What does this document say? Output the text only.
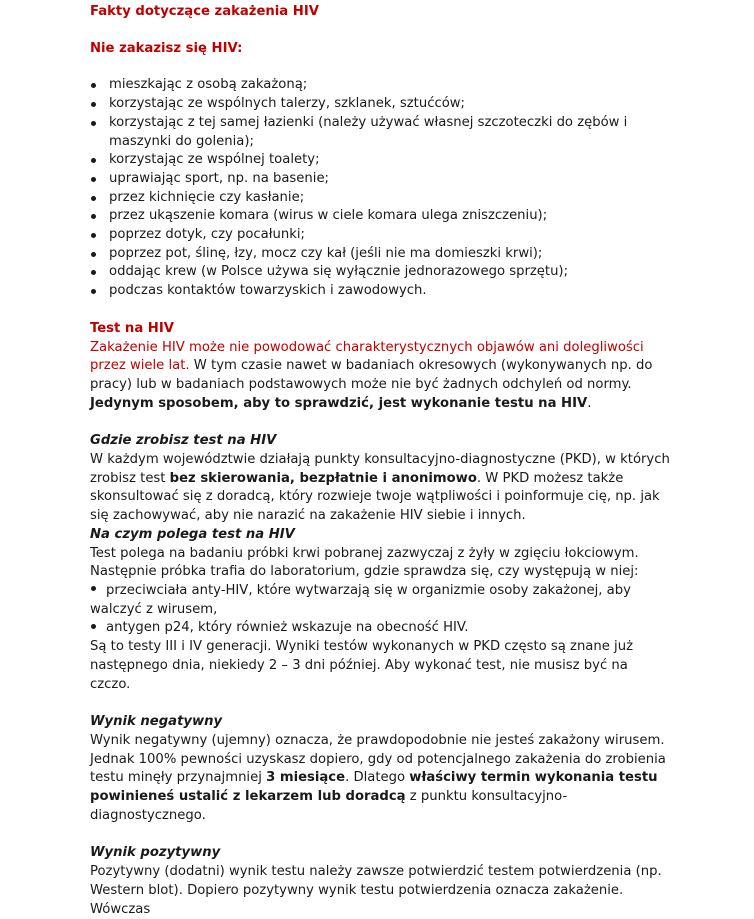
Fakty dotyczące zakażenia HIV

Nie zakazisz się HIV:

mieszkając z osobą zakażoną;
korzystając ze wspólnych talerzy, szklanek, sztućców;
korzystając z tej samej łazienki (należy używać własnej szczoteczki do zębów i maszynki do golenia);
korzystając ze wspólnej toalety;
uprawiając sport, np. na basenie;
przez kichnięcie czy kasłanie;
przez ukąszenie komara (wirus w ciele komara ulega zniszczeniu);
poprzez dotyk, czy pocałunki;
poprzez pot, ślinę, łzy, mocz czy kał (jeśli nie ma domieszki krwi);
oddając krew (w Polsce używa się wyłącznie jednorazowego sprzętu);
podczas kontaktów towarzyskich i zawodowych.

Test na HIV

Zakażenie HIV może nie powodować charakterystycznych objawów ani dolegliwości przez wiele lat. W tym czasie nawet w badaniach okresowych (wykonywanych np. do pracy) lub w badaniach podstawowych może nie być żadnych odchyleń od normy. Jedynym sposobem, aby to sprawdzić, jest wykonanie testu na HIV.

Gdzie zrobisz test na HIV

W każdym województwie działają punkty konsultacyjno-diagnostyczne (PKD), w których zrobisz test bez skierowania, bezpłatnie i anonimowo. W PKD możesz także skonsultować się z doradcą, który rozwieje twoje wątpliwości i poinformuje cię, np. jak się zachowywać, aby nie narazić na zakażenie HIV siebie i innych.

Na czym polega test na HIV

Test polega na badaniu próbki krwi pobranej zazwyczaj z żyły w zgięciu łokciowym. Następnie próbka trafia do laboratorium, gdzie sprawdza się, czy występują w niej:

przeciwciała anty-HIV, które wytwarzają się w organizmie osoby zakażonej, aby walczyć z wirusem,

antygen p24, który również wskazuje na obecność HIV.

Są to testy III i IV generacji. Wyniki testów wykonanych w PKD często są znane już następnego dnia, niekiedy 2 – 3 dni później. Aby wykonać test, nie musisz być na czczo.

Wynik negatywny

Wynik negatywny (ujemny) oznacza, że prawdopodobnie nie jesteś zakażony wirusem. Jednak 100% pewności uzyskasz dopiero, gdy od potencjalnego zakażenia do zrobienia testu minęły przynajmniej 3 miesiące. Dlatego właściwy termin wykonania testu powinieneś ustalić z lekarzem lub doradcą z punktu konsultacyjno-diagnostycznego.

Wynik pozytywny

Pozytywny (dodatni) wynik testu należy zawsze potwierdzić testem potwierdzenia (np. Western blot). Dopiero pozytywny wynik testu potwierdzenia oznacza zakażenie. Wówczas
